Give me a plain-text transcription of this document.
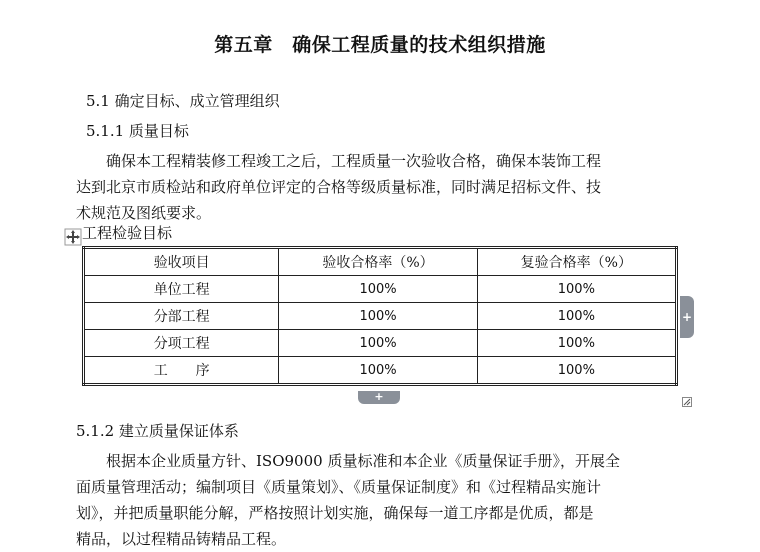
第五章　确保工程质量的技术组织措施
5.1 确定目标、成立管理组织
5.1.1 质量目标
　　确保本工程精装修工程竣工之后，工程质量一次验收合格，确保本装饰工程
达到北京市质检站和政府单位评定的合格等级质量标准，同时满足招标文件、技
术规范及图纸要求。
工程检验目标
验收项目	验收合格率（%）	复验合格率（%）
单位工程	100%	100%
分部工程	100%	100%
分项工程	100%	100%
工　　序	100%	100%
+
+
5.1.2 建立质量保证体系
　　根据本企业质量方针、ISO9000 质量标准和本企业《质量保证手册》，开展全
面质量管理活动；编制项目《质量策划》、《质量保证制度》和《过程精品实施计
划》，并把质量职能分解，严格按照计划实施，确保每一道工序都是优质，都是
精品，以过程精品铸精品工程。
